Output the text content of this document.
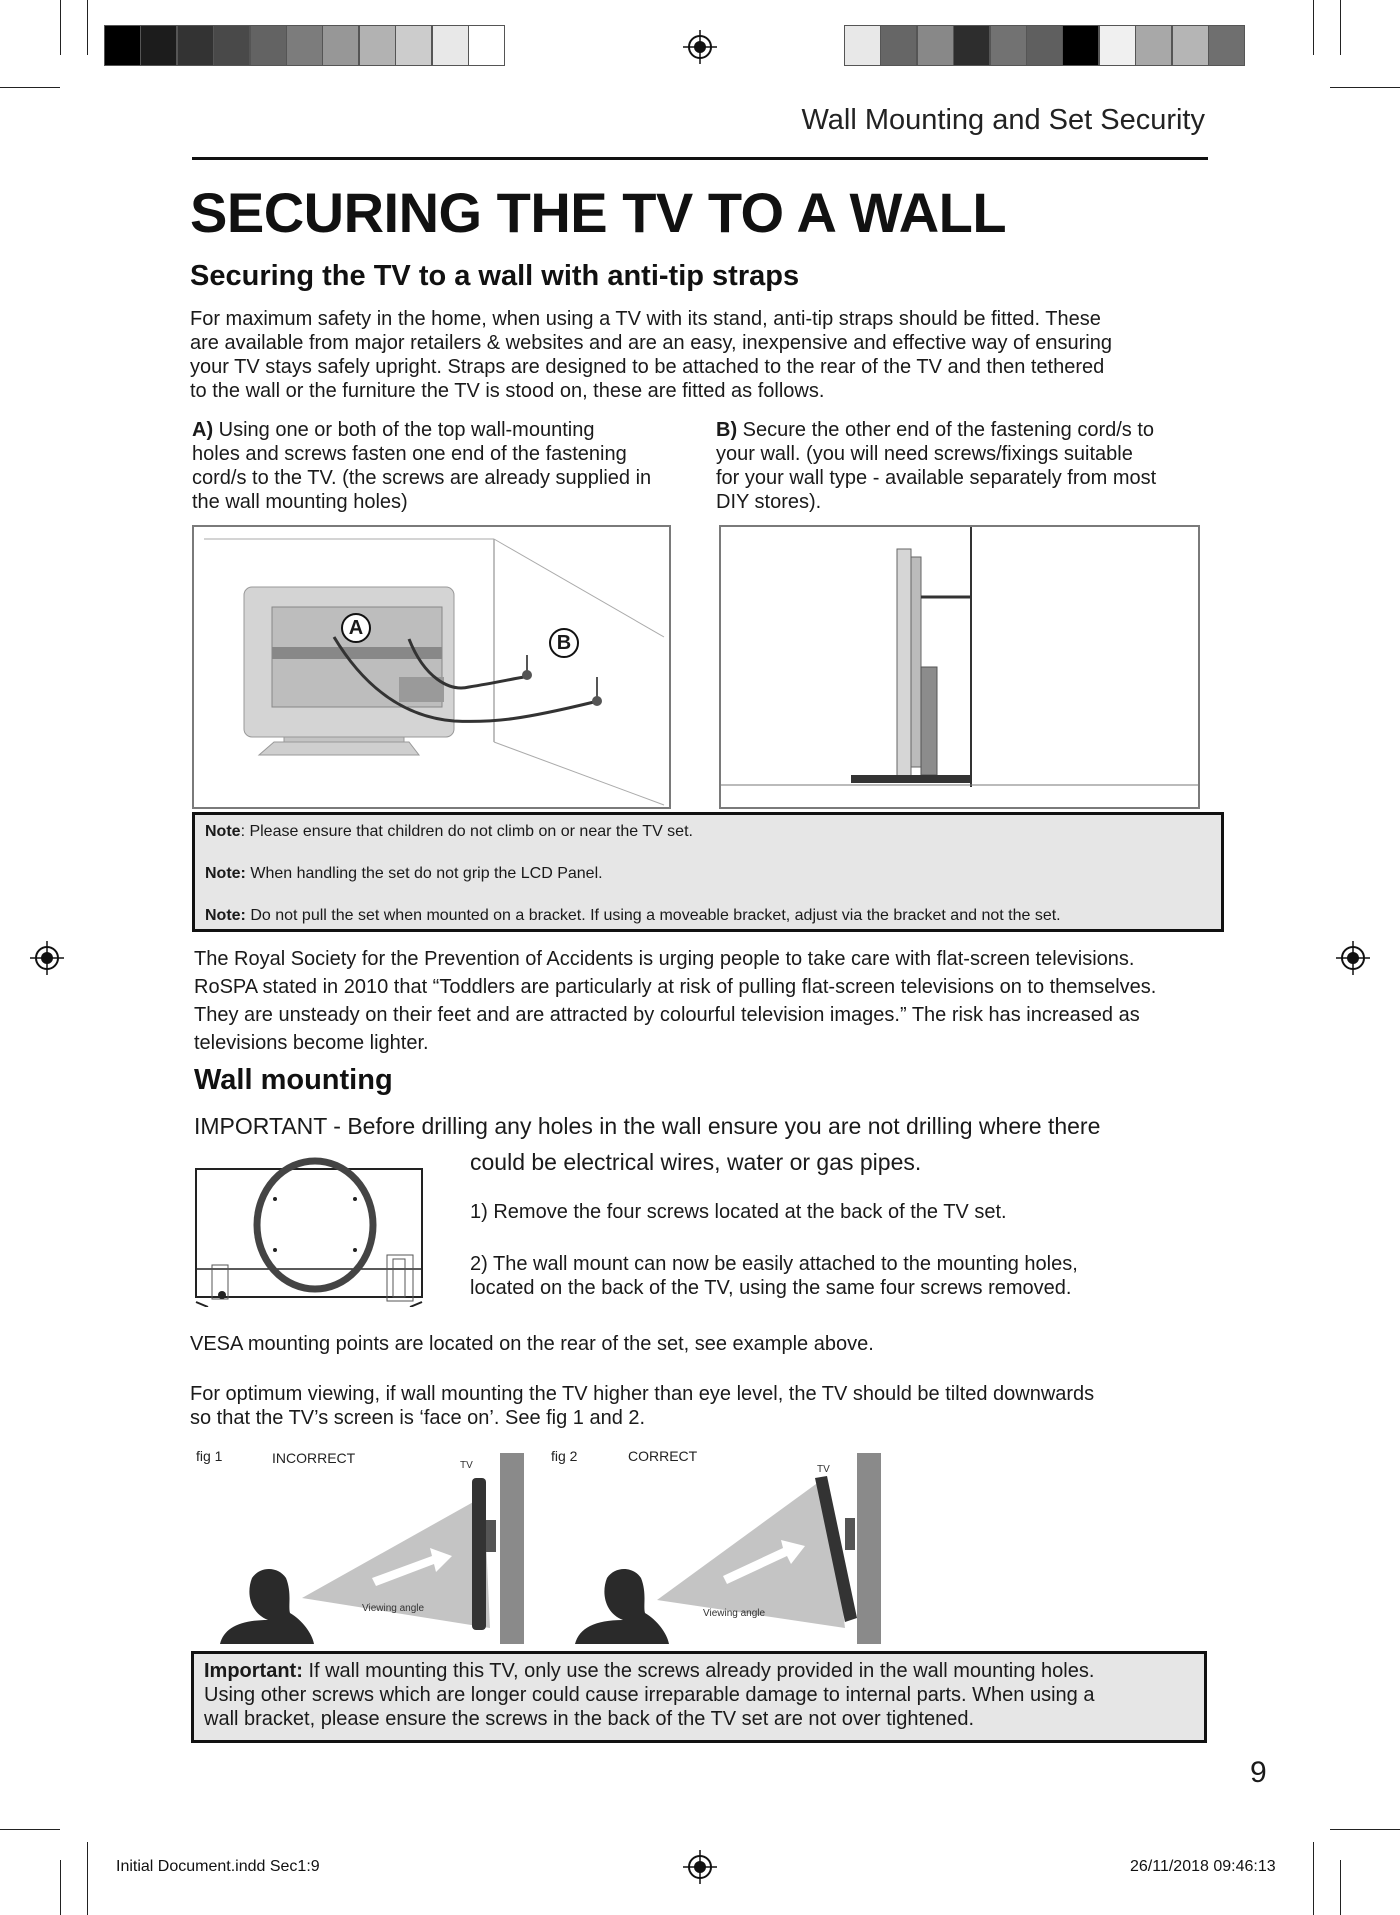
Wall Mounting and Set Security
SECURING THE TV TO A WALL
Securing the TV to a wall with anti-tip straps
For maximum safety in the home, when using a TV with its stand, anti-tip straps should be fitted. These
are available from major retailers & websites and are an easy, inexpensive and effective way of ensuring
your TV stays safely upright. Straps are designed to be attached to the rear of the TV and then tethered
to the wall or the furniture the TV is stood on, these are fitted as follows.
A) Using one or both of the top wall-mounting
holes and screws fasten one end of the fastening
cord/s to the TV. (the screws are already supplied in
the wall mounting holes)
B) Secure the other end of the fastening cord/s to
your wall. (you will need screws/fixings suitable
for your wall type - available separately from most
DIY stores).
A
B
Note: Please ensure that children do not climb on or near the TV set.
Note: When handling the set do not grip the LCD Panel.
Note: Do not pull the set when mounted on a bracket. If using a moveable bracket, adjust via the bracket and not the set.
The Royal Society for the Prevention of Accidents is urging people to take care with flat-screen televisions.
RoSPA stated in 2010 that “Toddlers are particularly at risk of pulling flat-screen televisions on to themselves.
They are unsteady on their feet and are attracted by colourful television images.” The risk has increased as
televisions become lighter.
Wall mounting
IMPORTANT - Before drilling any holes in the wall ensure you are not drilling where there
could be electrical wires, water or gas pipes.
1) Remove the four screws located at the back of the TV set.
2) The wall mount can now be easily attached to the mounting holes,
located on the back of the TV, using the same four screws removed.
VESA mounting points are located on the rear of the set, see example above.
For optimum viewing, if wall mounting the TV higher than eye level, the TV should be tilted downwards
so that the TV’s screen is ‘face on’. See fig 1 and 2.
fig 1	INCORRECT	TV
Viewing angle
fig 2	CORRECT
TV
Viewing angle
Important: If wall mounting this TV, only use the screws already provided in the wall mounting holes.
Using other screws which are longer could cause irreparable damage to internal parts. When using a
wall bracket, please ensure the screws in the back of the TV set are not over tightened.
9
Initial Document.indd Sec1:9	26/11/2018 09:46:13
